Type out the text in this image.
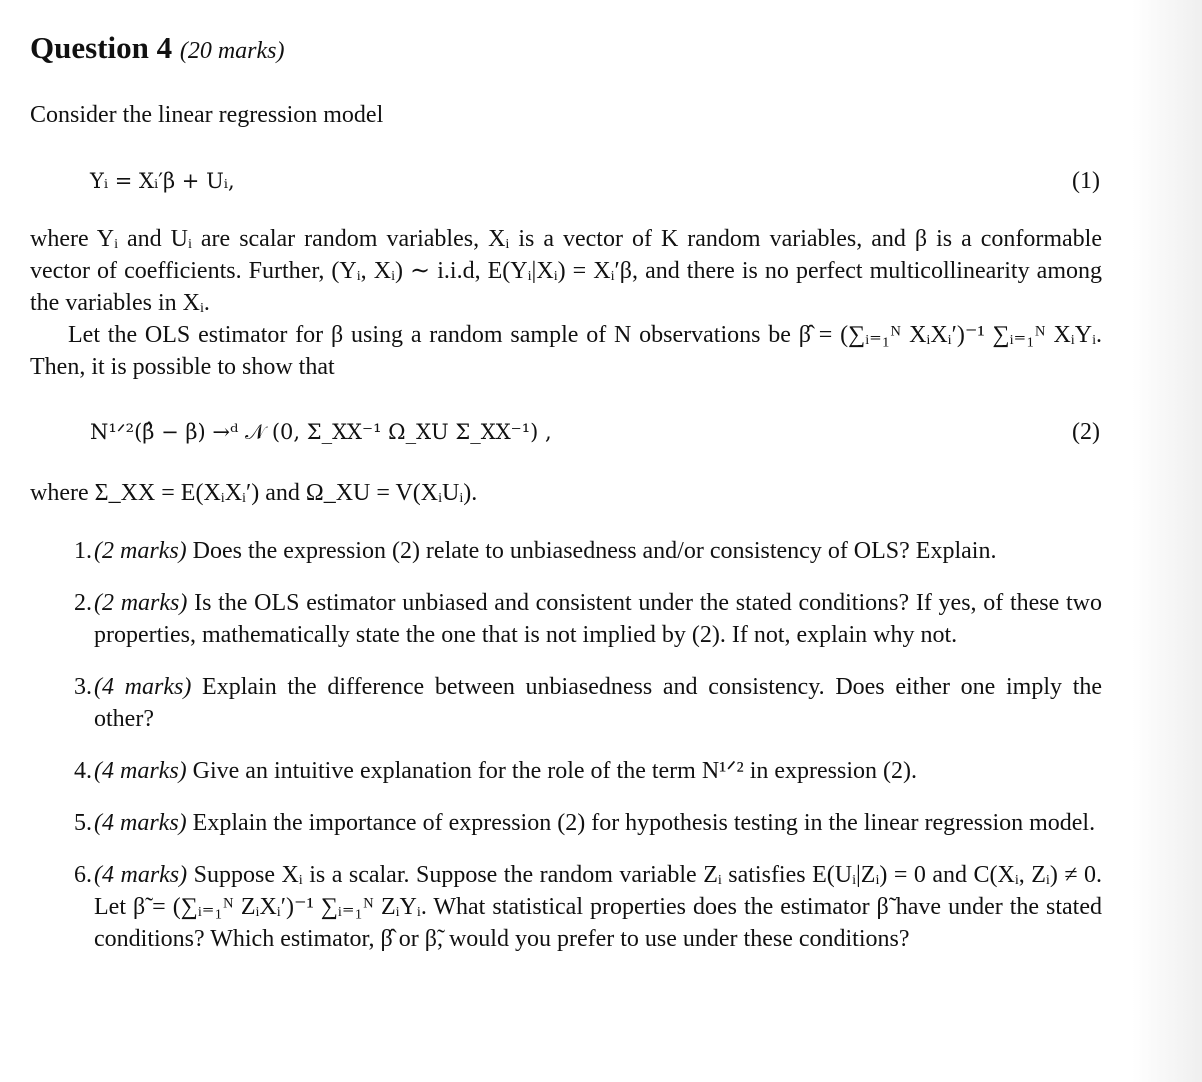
Question 4 (20 marks)

Consider the linear regression model

Yᵢ = Xᵢ′β + Uᵢ,	(1)

where Yᵢ and Uᵢ are scalar random variables, Xᵢ is a vector of K random variables, and β is a conformable vector of coefficients. Further, (Yᵢ, Xᵢ) ∼ i.i.d, E(Yᵢ|Xᵢ) = Xᵢ′β, and there is no perfect multicollinearity among the variables in Xᵢ.

Let the OLS estimator for β using a random sample of N observations be β̂ = (∑ᵢ₌₁ᴺ XᵢXᵢ′)⁻¹ ∑ᵢ₌₁ᴺ XᵢYᵢ. Then, it is possible to show that

N¹ᐟ²(β̂ − β) →ᵈ 𝒩 (0, Σ_XX⁻¹ Ω_XU Σ_XX⁻¹) ,	(2)

where Σ_XX = E(XᵢXᵢ′) and Ω_XU = V(XᵢUᵢ).

1. (2 marks) Does the expression (2) relate to unbiasedness and/or consistency of OLS? Explain.
2. (2 marks) Is the OLS estimator unbiased and consistent under the stated conditions? If yes, of these two properties, mathematically state the one that is not implied by (2). If not, explain why not.
3. (4 marks) Explain the difference between unbiasedness and consistency. Does either one imply the other?
4. (4 marks) Give an intuitive explanation for the role of the term N¹ᐟ² in expression (2).
5. (4 marks) Explain the importance of expression (2) for hypothesis testing in the linear regression model.
6. (4 marks) Suppose Xᵢ is a scalar. Suppose the random variable Zᵢ satisfies E(Uᵢ|Zᵢ) = 0 and C(Xᵢ, Zᵢ) ≠ 0. Let β̃ = (∑ᵢ₌₁ᴺ ZᵢXᵢ′)⁻¹ ∑ᵢ₌₁ᴺ ZᵢYᵢ. What statistical properties does the estimator β̃ have under the stated conditions? Which estimator, β̂ or β̃, would you prefer to use under these conditions?
